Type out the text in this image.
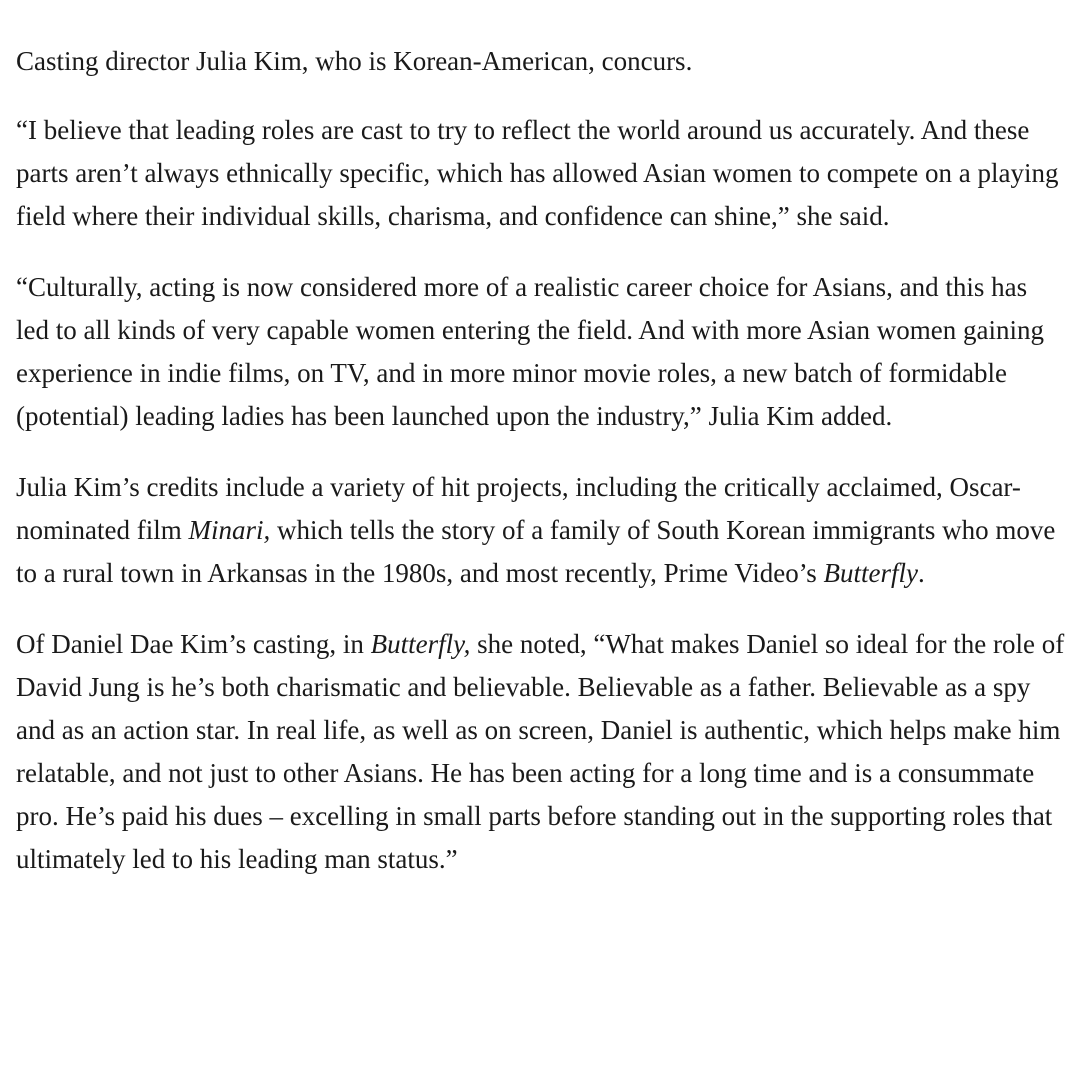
Casting director Julia Kim, who is Korean-American, concurs.

“I believe that leading roles are cast to try to reflect the world around us accurately. And these parts aren’t always ethnically specific, which has allowed Asian women to compete on a playing field where their individual skills, charisma, and confidence can shine,” she said.

“Culturally, acting is now considered more of a realistic career choice for Asians, and this has led to all kinds of very capable women entering the field. And with more Asian women gaining experience in indie films, on TV, and in more minor movie roles, a new batch of formidable (potential) leading ladies has been launched upon the industry,” Julia Kim added.

Julia Kim’s credits include a variety of hit projects, including the critically acclaimed, Oscar-nominated film Minari, which tells the story of a family of South Korean immigrants who move to a rural town in Arkansas in the 1980s, and most recently, Prime Video’s Butterfly.

Of Daniel Dae Kim’s casting, in Butterfly, she noted, “What makes Daniel so ideal for the role of David Jung is he’s both charismatic and believable. Believable as a father. Believable as a spy and as an action star. In real life, as well as on screen, Daniel is authentic, which helps make him relatable, and not just to other Asians. He has been acting for a long time and is a consummate pro. He’s paid his dues – excelling in small parts before standing out in the supporting roles that ultimately led to his leading man status.”
